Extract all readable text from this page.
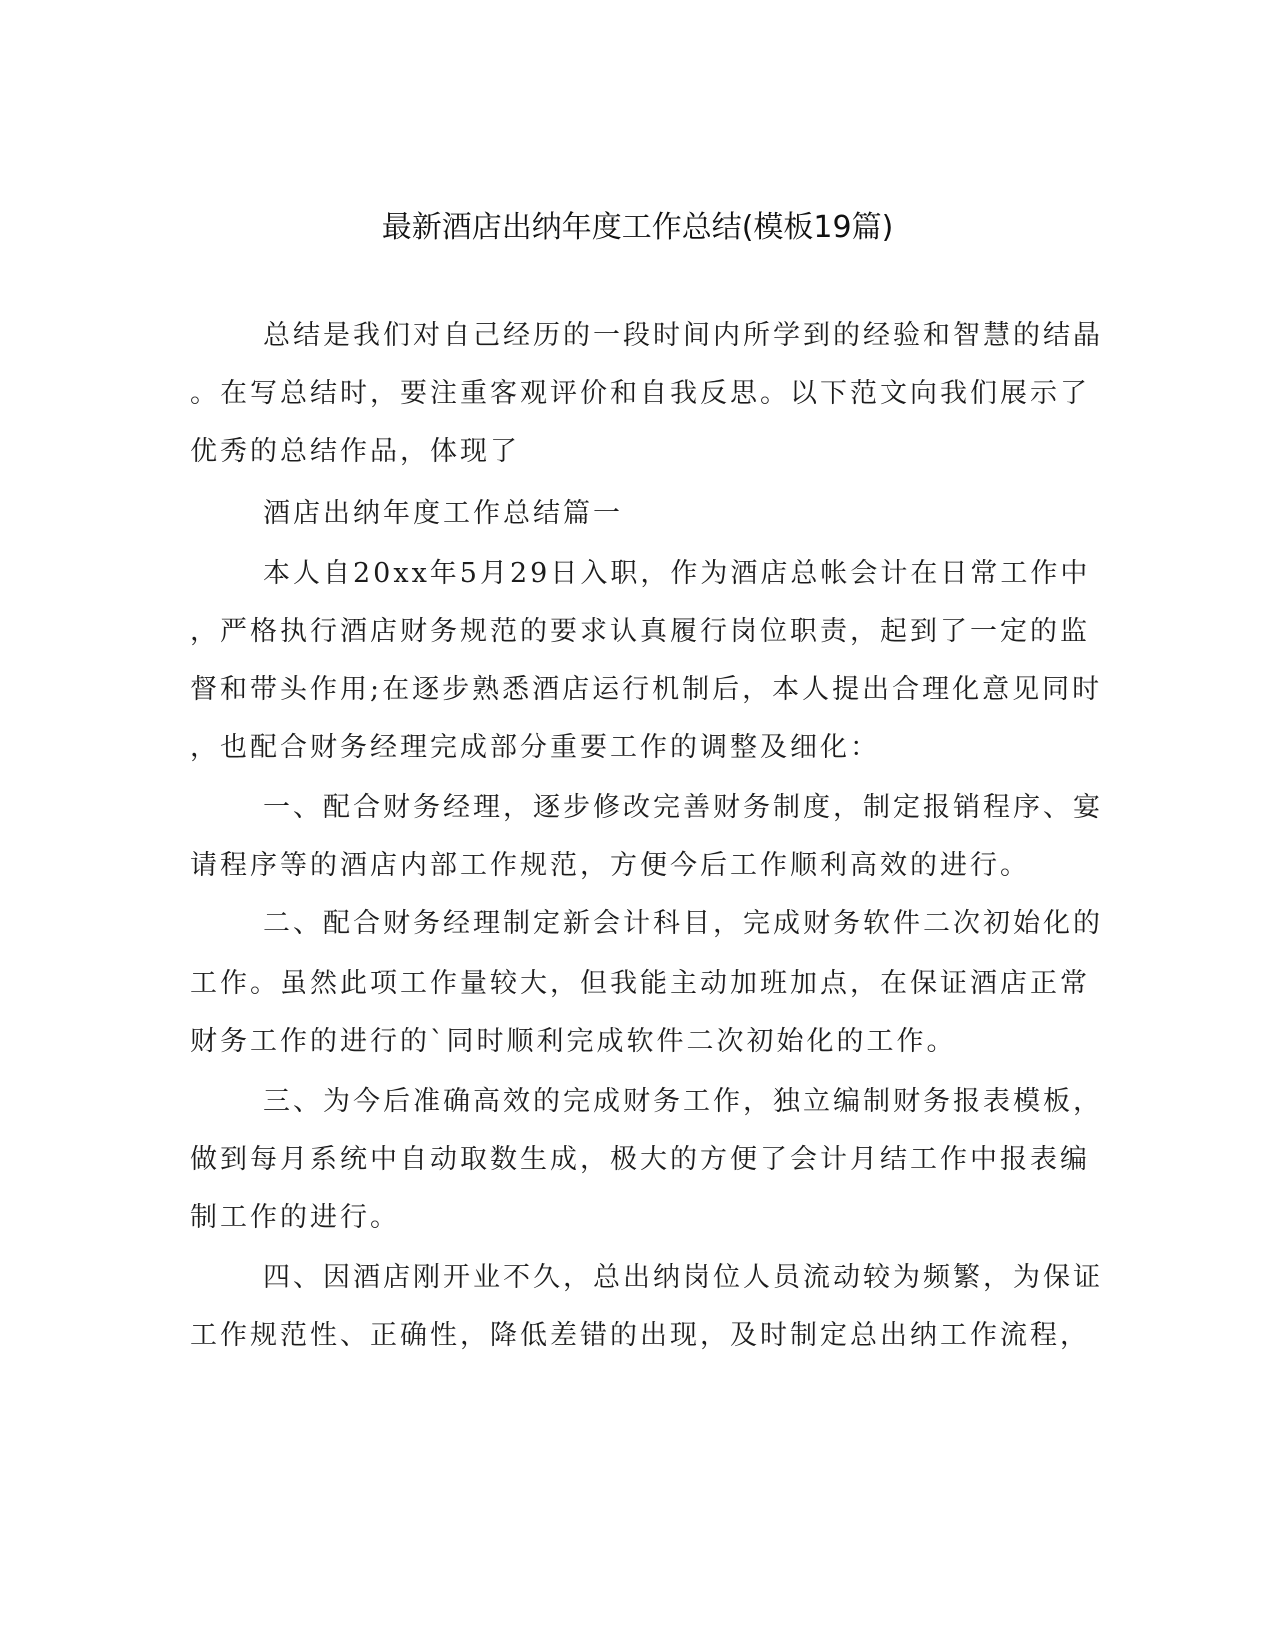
最新酒店出纳年度工作总结(模板19篇)
总结是我们对自己经历的一段时间内所学到的经验和智慧的结晶
。在写总结时，要注重客观评价和自我反思。以下范文向我们展示了
优秀的总结作品，体现了
酒店出纳年度工作总结篇一
本人自20xx年5月29日入职，作为酒店总帐会计在日常工作中
，严格执行酒店财务规范的要求认真履行岗位职责，起到了一定的监
督和带头作用;在逐步熟悉酒店运行机制后，本人提出合理化意见同时
，也配合财务经理完成部分重要工作的调整及细化：
一、配合财务经理，逐步修改完善财务制度，制定报销程序、宴
请程序等的酒店内部工作规范，方便今后工作顺利高效的进行。
二、配合财务经理制定新会计科目，完成财务软件二次初始化的
工作。虽然此项工作量较大，但我能主动加班加点，在保证酒店正常
财务工作的进行的`同时顺利完成软件二次初始化的工作。
三、为今后准确高效的完成财务工作，独立编制财务报表模板，
做到每月系统中自动取数生成，极大的方便了会计月结工作中报表编
制工作的进行。
四、因酒店刚开业不久，总出纳岗位人员流动较为频繁，为保证
工作规范性、正确性，降低差错的出现，及时制定总出纳工作流程，
